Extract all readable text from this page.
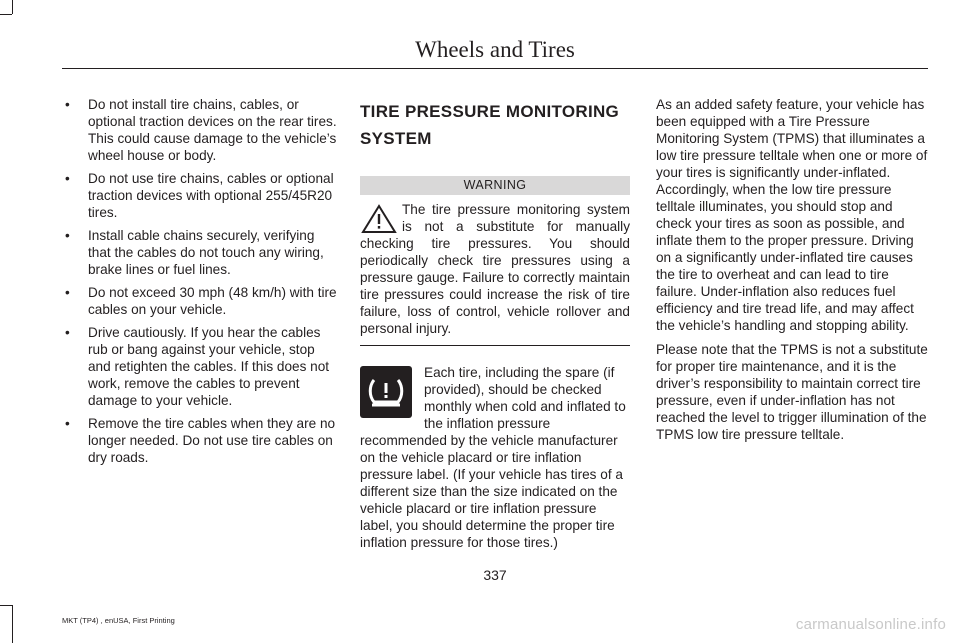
Wheels and Tires
• Do not install tire chains, cables, or optional traction devices on the rear tires. This could cause damage to the vehicle’s wheel house or body.
• Do not use tire chains, cables or optional traction devices with optional 255/45R20 tires.
• Install cable chains securely, verifying that the cables do not touch any wiring, brake lines or fuel lines.
• Do not exceed 30 mph (48 km/h) with tire cables on your vehicle.
• Drive cautiously. If you hear the cables rub or bang against your vehicle, stop and retighten the cables. If this does not work, remove the cables to prevent damage to your vehicle.
• Remove the tire cables when they are no longer needed. Do not use tire cables on dry roads.
TIRE PRESSURE MONITORING
SYSTEM
WARNING
The tire pressure monitoring system is not a substitute for manually checking tire pressures. You should periodically check tire pressures using a pressure gauge. Failure to correctly maintain tire pressures could increase the risk of tire failure, loss of control, vehicle rollover and personal injury.
Each tire, including the spare (if provided), should be checked monthly when cold and inflated to the inflation pressure recommended by the vehicle manufacturer on the vehicle placard or tire inflation pressure label. (If your vehicle has tires of a different size than the size indicated on the vehicle placard or tire inflation pressure label, you should determine the proper tire inflation pressure for those tires.)

As an added safety feature, your vehicle has been equipped with a Tire Pressure Monitoring System (TPMS) that illuminates a low tire pressure telltale when one or more of your tires is significantly under-inflated. Accordingly, when the low tire pressure telltale illuminates, you should stop and check your tires as soon as possible, and inflate them to the proper pressure. Driving on a significantly under-inflated tire causes the tire to overheat and can lead to tire failure. Under-inflation also reduces fuel efficiency and tire tread life, and may affect the vehicle’s handling and stopping ability.

Please note that the TPMS is not a substitute for proper tire maintenance, and it is the driver’s responsibility to maintain correct tire pressure, even if under-inflation has not reached the level to trigger illumination of the TPMS low tire pressure telltale.

337
MKT (TP4) , enUSA, First Printing	carmanualsonline.info
